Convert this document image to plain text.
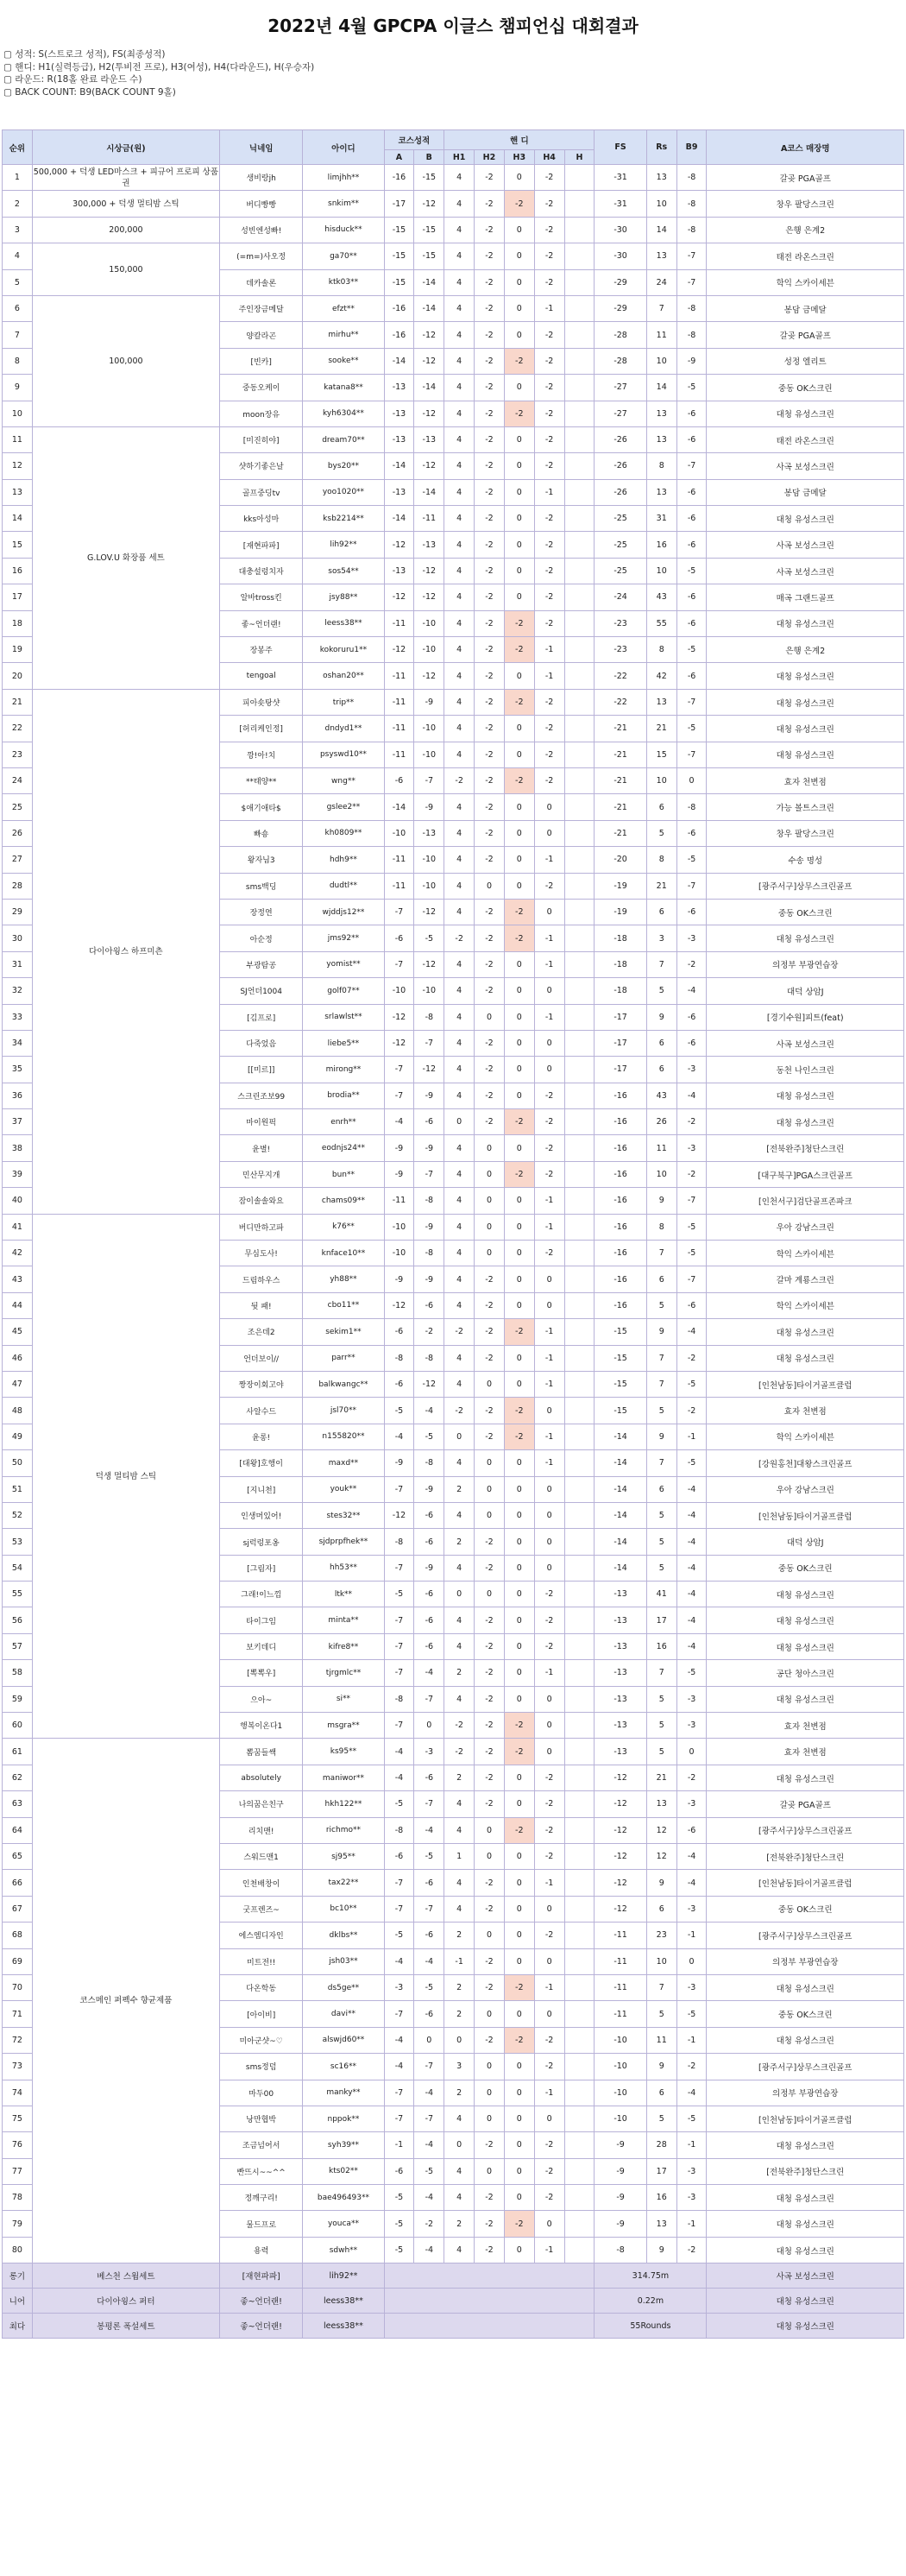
2022년 4월 GPCPA 이글스 챔피언십 대회결과
▢ 성적: S(스트로크 성적), FS(최종성적)
▢ 핸디: H1(실력등급), H2(투비전 프로), H3(여성), H4(다라운드), H(우승자)
▢ 라운드: R(18홀 완료 라운드 수)
▢ BACK COUNT: B9(BACK COUNT 9홀)
순위	시상금(원)	닉네임	아이디	코스성적		핸 디					FS	Rs	B9	A코스 매장명
				A	B	H1	H2	H3	H4	H				
1	500,000 + 덕생 LED마스크 + 피규어 프로피 상품권	생비랑jh	limjhh**	-16	-15	4	-2	0	-2		-31	13	-8	갈곶 PGA골프
2	300,000 + 덕생 멀티밤 스틱	버디빵빵	snkim**	-17	-12	4	-2	-2	-2		-31	10	-8	창우 팔당스크린
3	200,000	성빈엔성빠!	hisduck**	-15	-15	4	-2	0	-2		-30	14	-8	은행 은계2
4	150,000	(=m=)사오정	ga70**	-15	-15	4	-2	0	-2		-30	13	-7	태전 라온스크린
5		데카솔론	ktk03**	-15	-14	4	-2	0	-2		-29	24	-7	학익 스카이세븐
6	100,000	주인장금메달	efzt**	-16	-14	4	-2	0	-1		-29	7	-8	봉담 금메달
7		양칼라곤	mirhu**	-16	-12	4	-2	0	-2		-28	11	-8	갈곶 PGA골프
8		[빈카]	sooke**	-14	-12	4	-2	-2	-2		-28	10	-9	성정 엘리트
9		중동오케이	katana8**	-13	-14	4	-2	0	-2		-27	14	-5	중동 OK스크린
10		moon장유	kyh6304**	-13	-12	4	-2	-2	-2		-27	13	-6	대청 유성스크린
11	G.LOV.U 화장품 세트	[미진히야]	dream70**	-13	-13	4	-2	0	-2		-26	13	-6	태전 라온스크린
12		샷하기좋은날	bys20**	-14	-12	4	-2	0	-2		-26	8	-7	사곡 보성스크린
13		골프중딩tv	yoo1020**	-13	-14	4	-2	0	-1		-26	13	-6	봉담 금메달
14		kks아성마	ksb2214**	-14	-11	4	-2	0	-2		-25	31	-6	대청 유성스크린
15		[재현파파]	lih92**	-12	-13	4	-2	0	-2		-25	16	-6	사곡 보성스크린
16		대충설렁치자	sos54**	-13	-12	4	-2	0	-2		-25	10	-5	사곡 보성스크린
17		알바tross킨	jsy88**	-12	-12	4	-2	0	-2		-24	43	-6	매곡 그랜드골프
18		좋~언더랜!	leess38**	-11	-10	4	-2	-2	-2		-23	55	-6	대청 유성스크린
19		장봉주	kokoruru1**	-12	-10	4	-2	-2	-1		-23	8	-5	은행 은계2
20		tengoal	oshan20**	-11	-12	4	-2	0	-1		-22	42	-6	대청 유성스크린
21	다이아윙스 하프미츤	피아숏탕샷	trip**	-11	-9	4	-2	-2	-2		-22	13	-7	대청 유성스크린
22		[허리케인정]	dndyd1**	-11	-10	4	-2	0	-2		-21	21	-5	대청 유성스크린
23		깡!아!치	psyswd10**	-11	-10	4	-2	0	-2		-21	15	-7	대청 유성스크린
24		**태양**	wng**	-6	-7	-2	-2	-2	-2		-21	10	0	효자 천변점
25		$애기애타$	gslee2**	-14	-9	4	-2	0	0		-21	6	-8	가능 볼트스크린
26		빠숑	kh0809**	-10	-13	4	-2	0	0		-21	5	-6	창우 팔당스크린
27		왕자님3	hdh9**	-11	-10	4	-2	0	-1		-20	8	-5	수송 명성
28		sms백딩	dudtl**	-11	-10	4	0	0	-2		-19	21	-7	[광주서구]상무스크린골프
29		장정연	wjddjs12**	-7	-12	4	-2	-2	0		-19	6	-6	중동 OK스크린
30		아순정	jms92**	-6	-5	-2	-2	-2	-1		-18	3	-3	대청 유성스크린
31		부광탐공	yomist**	-7	-12	4	-2	0	-1		-18	7	-2	의정부 부광연습장
32		SJ언더1004	golf07**	-10	-10	4	-2	0	0		-18	5	-4	대덕 상암J
33		[김프로]	srlawlst**	-12	-8	4	0	0	-1		-17	9	-6	[경기수원]피트(feat)
34		다죽었음	liebe5**	-12	-7	4	-2	0	0		-17	6	-6	사곡 보성스크린
35		[[미르]]	mirong**	-7	-12	4	-2	0	0		-17	6	-3	동천 나인스크린
36		스크린조보99	brodia**	-7	-9	4	-2	0	-2		-16	43	-4	대청 유성스크린
37		마이원픽	enrh**	-4	-6	0	-2	-2	-2		-16	26	-2	대청 유성스크린
38		윤별!	eodnjs24**	-9	-9	4	0	0	-2		-16	11	-3	[전북완주]청단스크린
39		민산무지개	bun**	-9	-7	4	0	-2	-2		-16	10	-2	[대구북구]PGA스크린골프
40		잠이솔솔와요	chams09**	-11	-8	4	0	0	-1		-16	9	-7	[인천서구]검단골프존파크
41	덕생 멀티밤 스틱	버디만하고파	k76**	-10	-9	4	0	0	-1		-16	8	-5	우아 강남스크린
42		무심도사!	knface10**	-10	-8	4	0	0	-2		-16	7	-5	학익 스카이세븐
43		드림하우스	yh88**	-9	-9	4	-2	0	0		-16	6	-7	갈마 계룡스크린
44		뒷 패!	cbo11**	-12	-6	4	-2	0	0		-16	5	-6	학익 스카이세븐
45		조은데2	sekim1**	-6	-2	-2	-2	-2	-1		-15	9	-4	대청 유성스크린
46		언더보이//	parr**	-8	-8	4	-2	0	-1		-15	7	-2	대청 유성스크린
47		짱장이회고야	balkwangc**	-6	-12	4	0	0	-1		-15	7	-5	[인천남동]타이거골프클럽
48		사알수드	jsl70**	-5	-4	-2	-2	-2	0		-15	5	-2	효자 천변점
49		윤롱!	n155820**	-4	-5	0	-2	-2	-1		-14	9	-1	학익 스카이세븐
50		[대왕]호행이	maxd**	-9	-8	4	0	0	-1		-14	7	-5	[강원홍천]대왕스크린골프
51		[지니천]	youk**	-7	-9	2	0	0	0		-14	6	-4	우아 강남스크린
52		인생머있어!	stes32**	-12	-6	4	0	0	0		-14	5	-4	[인천남동]타이거골프클럽
53		sj럭렁포옹	sjdprpfhek**	-8	-6	2	-2	0	0		-14	5	-4	대덕 상암J
54		[그림자]	hh53**	-7	-9	4	-2	0	0		-14	5	-4	중동 OK스크린
55		그래!이느낌	ltk**	-5	-6	0	0	0	-2		-13	41	-4	대청 유성스크린
56		타이그임	minta**	-7	-6	4	-2	0	-2		-13	17	-4	대청 유성스크린
57		보키데디	kifre8**	-7	-6	4	-2	0	-2		-13	16	-4	대청 유성스크린
58		[뽁뽁우]	tjrgmlc**	-7	-4	2	-2	0	-1		-13	7	-5	공단 청아스크린
59		으아~	si**	-8	-7	4	-2	0	0		-13	5	-3	대청 유성스크린
60		행복이온다1	msgra**	-7	0	-2	-2	-2	0		-13	5	-3	효자 천변점
61	코스메인 퍼펙수 향균제품	뽐꿈들쌕	ks95**	-4	-3	-2	-2	-2	0		-13	5	0	효자 천변점
62		absolutely	maniwor**	-4	-6	2	-2	0	-2		-12	21	-2	대청 유성스크린
63		나의꿈은친구	hkh122**	-5	-7	4	-2	0	-2		-12	13	-3	갈곶 PGA골프
64		리치맨!	richmo**	-8	-4	4	0	-2	-2		-12	12	-6	[광주서구]상무스크린골프
65		스워드맨1	sj95**	-6	-5	1	0	0	-2		-12	12	-4	[전북완주]청단스크린
66		인천배창이	tax22**	-7	-6	4	-2	0	-1		-12	9	-4	[인천남동]타이거골프클럽
67		굿프렌즈~	bc10**	-7	-7	4	-2	0	0		-12	6	-3	중동 OK스크린
68		에스엠디자인	dklbs**	-5	-6	2	0	0	-2		-11	23	-1	[광주서구]상무스크린골프
69		미트전!!	jsh03**	-4	-4	-1	-2	0	0		-11	10	0	의정부 부광연습장
70		다온학동	ds5ge**	-3	-5	2	-2	-2	-1		-11	7	-3	대청 유성스크린
71		[아이비]	davi**	-7	-6	2	0	0	0		-11	5	-5	중동 OK스크린
72		미아군샷~♡	alswjd60**	-4	0	0	-2	-2	-2		-10	11	-1	대청 유성스크린
73		sms정덤	sc16**	-4	-7	3	0	0	-2		-10	9	-2	[광주서구]상무스크린골프
74		마두00	manky**	-7	-4	2	0	0	-1		-10	6	-4	의정부 부광연습장
75		낭만협박	nppok**	-7	-7	4	0	0	0		-10	5	-5	[인천남동]타이거골프클럽
76		조금넘어서	syh39**	-1	-4	0	-2	0	-2		-9	28	-1	대청 유성스크린
77		빤뜨시~~^^	kts02**	-6	-5	4	0	0	-2		-9	17	-3	[전북완주]청단스크린
78		정깨구리!	bae496493**	-5	-4	4	-2	0	-2		-9	16	-3	대청 유성스크린
79		물드프로	youca**	-5	-2	2	-2	-2	0		-9	13	-1	대청 유성스크린
80		용력	sdwh**	-5	-4	4	-2	0	-1		-8	9	-2	대청 유성스크린
롱기	베스천 스웜세트	[재현파파]	lih92**								314.75m			사곡 보성스크린
니어	다이아윙스 퍼터	좋~언더랜!	leess38**								0.22m			대청 유성스크린
최다	봉평론 폭설세트	좋~언더랜!	leess38**								55Rounds			대청 유성스크린
